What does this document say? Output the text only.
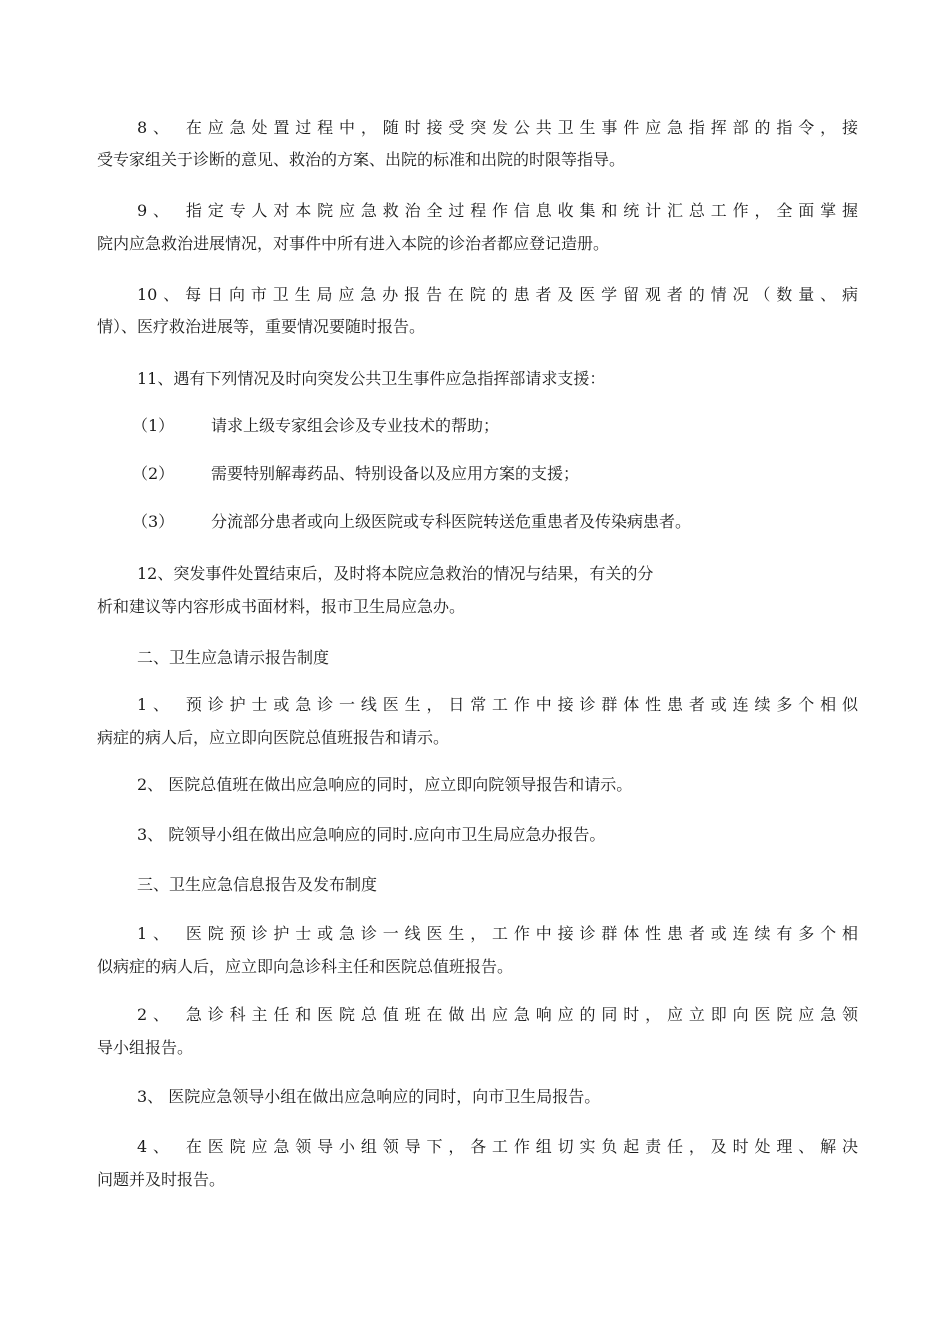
8、 在应急处置过程中，随时接受突发公共卫生事件应急指挥部的指令，接
受专家组关于诊断的意见、救治的方案、出院的标准和出院的时限等指导。
9、 指定专人对本院应急救治全过程作信息收集和统计汇总工作，全面掌握
院内应急救治进展情况，对事件中所有进入本院的诊治者都应登记造册。
10、每日向市卫生局应急办报告在院的患者及医学留观者的情况（数量、病
情）、医疗救治进展等，重要情况要随时报告。
11、遇有下列情况及时向突发公共卫生事件应急指挥部请求支援：
（1） 请求上级专家组会诊及专业技术的帮助；
（2） 需要特别解毒药品、特别设备以及应用方案的支援；
（3） 分流部分患者或向上级医院或专科医院转送危重患者及传染病患者。
12、突发事件处置结束后，及时将本院应急救治的情况与结果，有关的分
析和建议等内容形成书面材料，报市卫生局应急办。
二、卫生应急请示报告制度
1、 预诊护士或急诊一线医生，日常工作中接诊群体性患者或连续多个相似
病症的病人后，应立即向医院总值班报告和请示。
2、 医院总值班在做出应急响应的同时，应立即向院领导报告和请示。
3、 院领导小组在做出应急响应的同时.应向市卫生局应急办报告。
三、卫生应急信息报告及发布制度
1、 医院预诊护士或急诊一线医生，工作中接诊群体性患者或连续有多个相
似病症的病人后，应立即向急诊科主任和医院总值班报告。
2、 急诊科主任和医院总值班在做出应急响应的同时，应立即向医院应急领
导小组报告。
3、 医院应急领导小组在做出应急响应的同时，向市卫生局报告。
4、 在医院应急领导小组领导下，各工作组切实负起责任，及时处理、解决
问题并及时报告。
